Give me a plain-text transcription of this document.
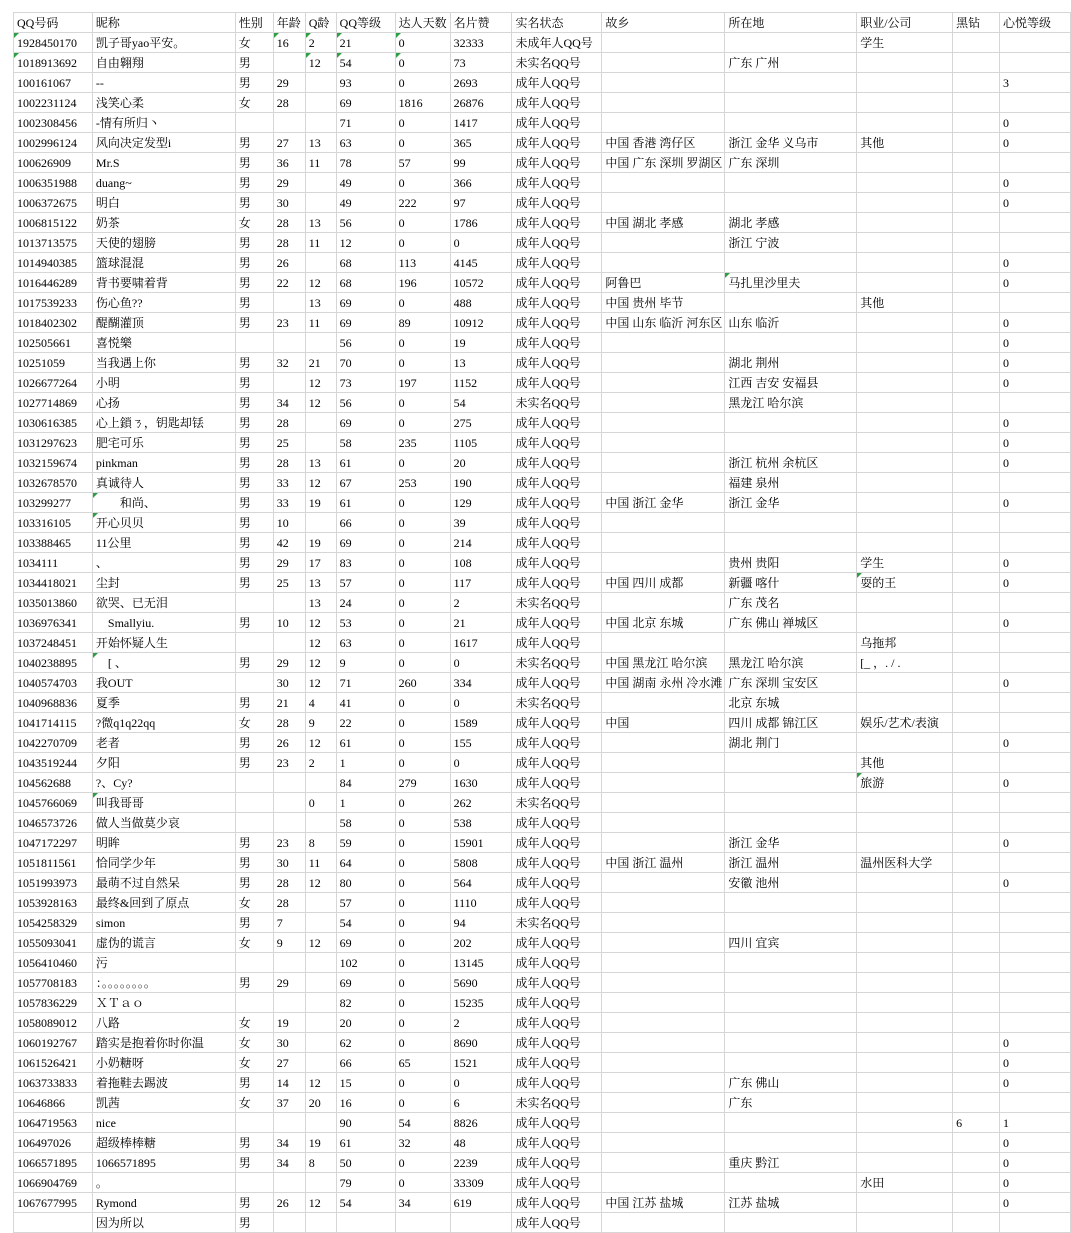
QQ号码	昵称	性别	年龄	Q龄	QQ等级	达人天数	名片赞	实名状态	故乡	所在地	职业/公司	黑钻	心悦等级

1928450170	凯子哥yao平安。	女	16	2	21	0	32333	未成年人QQ号			学生		

1018913692	自由翱翔	男		12	54	0	73	未实名QQ号		广东 广州			
100161067	--	男	29		93	0	2693	成年人QQ号					3
1002231124	浅笑心柔	女	28		69	1816	26876	成年人QQ号					
1002308456	-情有所归丶				71	0	1417	成年人QQ号					0
1002996124	风向决定发型i	男	27	13	63	0	365	成年人QQ号	中国 香港 湾仔区	浙江 金华 义乌市	其他		0
100626909	Mr.S	男	36	11	78	57	99	成年人QQ号	中国 广东 深圳 罗湖区	广东 深圳			
1006351988	duang~	男	29		49	0	366	成年人QQ号					0
1006372675	明白	男	30		49	222	97	成年人QQ号					0
1006815122	奶茶	女	28	13	56	0	1786	成年人QQ号	中国 湖北 孝感	湖北 孝感			
1013713575	天使的翅膀	男	28	11	12	0	0	成年人QQ号		浙江 宁波			
1014940385	篮球混混	男	26		68	113	4145	成年人QQ号					0
1016446289	背书要啸着背	男	22	12	68	196	10572	成年人QQ号	阿鲁巴	马扎里沙里夫			0
1017539233	伤心鱼??	男		13	69	0	488	成年人QQ号	中国 贵州 毕节		其他		
1018402302	醍醐灌顶	男	23	11	69	89	10912	成年人QQ号	中国 山东 临沂 河东区	山东 临沂			0
102505661	喜悦樂				56	0	19	成年人QQ号					0
10251059	当我遇上你	男	32	21	70	0	13	成年人QQ号		湖北 荆州			0
1026677264	小明	男		12	73	197	1152	成年人QQ号		江西 吉安 安福县			0
1027714869	心扬	男	34	12	56	0	54	未实名QQ号		黑龙江 哈尔滨			
1030616385	心上鎖ㄋ，钥匙却铥	男	28		69	0	275	成年人QQ号					0
1031297623	肥宅可乐	男	25		58	235	1105	成年人QQ号					0
1032159674	pinkman	男	28	13	61	0	20	成年人QQ号		浙江 杭州 余杭区			0
1032678570	真诚待人	男	33	12	67	253	190	成年人QQ号		福建 泉州			
103299277	　　和尚、	男	33	19	61	0	129	成年人QQ号	中国 浙江 金华	浙江 金华			0
103316105	开心贝贝	男	10		66	0	39	成年人QQ号					
103388465	11公里	男	42	19	69	0	214	成年人QQ号					
1034111	、	男	29	17	83	0	108	成年人QQ号		贵州 贵阳	学生		0
1034418021	尘封	男	25	13	57	0	117	成年人QQ号	中国 四川 成都	新疆 喀什	耍的王		0
1035013860	欲哭、已无泪			13	24	0	2	未实名QQ号		广东 茂名			
1036976341	　Smallyiu.	男	10	12	53	0	21	成年人QQ号	中国 北京 东城	广东 佛山 禅城区			0
1037248451	开始怀疑人生			12	63	0	1617	成年人QQ号			乌拖邦		
1040238895	　[ 、	男	29	12	9	0	0	未实名QQ号	中国 黑龙江 哈尔滨	黑龙江 哈尔滨	[_ ，. / .		
1040574703	我OUT		30	12	71	260	334	成年人QQ号	中国 湖南 永州 冷水滩	广东 深圳 宝安区			0
1040968836	夏季	男	21	4	41	0	0	未实名QQ号		北京 东城			
1041714115	?微q1q22qq	女	28	9	22	0	1589	成年人QQ号	中国	四川 成都 锦江区	娱乐/艺术/表演		
1042270709	老者	男	26	12	61	0	155	成年人QQ号		湖北 荆门			0
1043519244	夕阳	男	23	2	1	0	0	成年人QQ号			其他		
104562688	?、Cy?				84	279	1630	成年人QQ号			旅游		0
1045766069	叫我哥哥			0	1	0	262	未实名QQ号					
1046573726	做人当做莫少哀				58	0	538	成年人QQ号					
1047172297	明眸	男	23	8	59	0	15901	成年人QQ号		浙江 金华			0
1051811561	恰同学少年	男	30	11	64	0	5808	成年人QQ号	中国 浙江 温州	浙江 温州	温州医科大学		
1051993973	最萌不过自然呆	男	28	12	80	0	564	成年人QQ号		安徽 池州			0
1053928163	最终&回到了原点	女	28		57	0	1110	成年人QQ号					
1054258329	simon	男	7		54	0	94	未实名QQ号					
1055093041	虚伪的谎言	女	9	12	69	0	202	成年人QQ号		四川 宜宾			
1056410460	污				102	0	13145	成年人QQ号					
1057708183	：。。。。。。。。	男	29		69	0	5690	成年人QQ号					
1057836229	ＸＴａｏ				82	0	15235	成年人QQ号					
1058089012	八路	女	19		20	0	2	成年人QQ号					
1060192767	踏实是抱着你时你温	女	30		62	0	8690	成年人QQ号					0
1061526421	小奶糖呀	女	27		66	65	1521	成年人QQ号					0
1063733833	着拖鞋去踢波	男	14	12	15	0	0	成年人QQ号		广东 佛山			0
10646866	凯茜	女	37	20	16	0	6	未实名QQ号		广东			
1064719563	nice				90	54	8826	成年人QQ号				6	1
106497026	超级棒棒糖	男	34	19	61	32	48	成年人QQ号					0
1066571895	1066571895	男	34	8	50	0	2239	成年人QQ号		重庆 黔江			0
1066904769	。				79	0	33309	成年人QQ号			水田		0
1067677995	Rymond	男	26	12	54	34	619	成年人QQ号	中国 江苏 盐城	江苏 盐城			0
	因为所以	男						成年人QQ号					
